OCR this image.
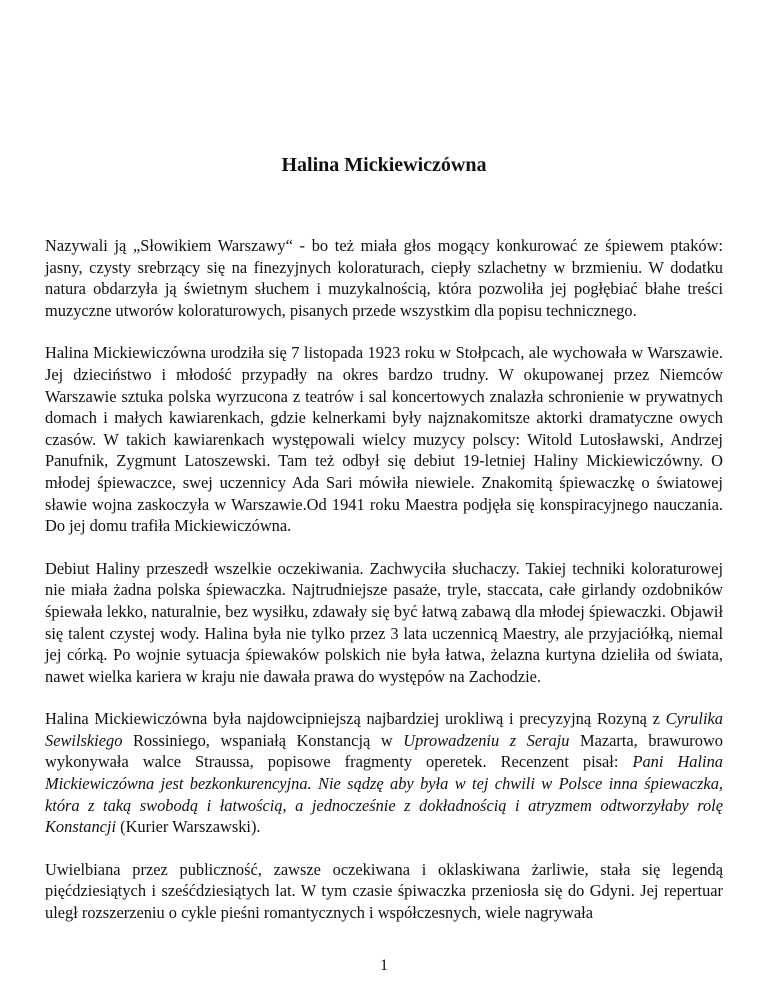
Halina Mickiewiczówna

Nazywali ją „Słowikiem Warszawy“ - bo też miała głos mogący konkurować ze śpiewem ptaków: jasny, czysty srebrzący się na finezyjnych koloraturach, ciepły szlachetny w brzmieniu. W dodatku natura obdarzyła ją świetnym słuchem i muzykalnością, która pozwoliła jej pogłębiać błahe treści muzyczne utworów koloraturowych, pisanych przede wszystkim dla popisu technicznego.

Halina Mickiewiczówna urodziła się 7 listopada 1923 roku w Stołpcach, ale wychowała w Warszawie. Jej dzieciństwo i młodość przypadły na okres bardzo trudny. W okupowanej przez Niemców Warszawie sztuka polska wyrzucona z teatrów i sal koncertowych znalazła schronienie w prywatnych domach i małych kawiarenkach, gdzie kelnerkami były najznakomitsze aktorki dramatyczne owych czasów. W takich kawiarenkach występowali wielcy muzycy polscy: Witold Lutosławski, Andrzej Panufnik, Zygmunt Latoszewski. Tam też odbył się debiut 19-letniej Haliny Mickiewiczówny. O młodej śpiewaczce, swej uczennicy Ada Sari mówiła niewiele. Znakomitą śpiewaczkę o światowej sławie wojna zaskoczyła w Warszawie.Od 1941 roku Maestra podjęła się konspiracyjnego nauczania. Do jej domu trafiła Mickiewiczówna.

Debiut Haliny przeszedł wszelkie oczekiwania. Zachwyciła słuchaczy. Takiej techniki koloraturowej nie miała żadna polska śpiewaczka. Najtrudniejsze pasaże, tryle, staccata, całe girlandy ozdobników śpiewała lekko, naturalnie, bez wysiłku, zdawały się być łatwą zabawą dla młodej śpiewaczki. Objawił się talent czystej wody. Halina była nie tylko przez 3 lata uczennicą Maestry, ale przyjaciółką, niemal jej córką. Po wojnie sytuacja śpiewaków polskich nie była łatwa, żelazna kurtyna dzieliła od świata, nawet wielka kariera w kraju nie dawała prawa do występów na Zachodzie.

Halina Mickiewiczówna była najdowcipniejszą najbardziej urokliwą i precyzyjną Rozyną z Cyrulika Sewilskiego Rossiniego, wspaniałą Konstancją w Uprowadzeniu z Seraju Mazarta, brawurowo wykonywała walce Straussa, popisowe fragmenty operetek. Recenzent pisał: Pani Halina Mickiewiczówna jest bezkonkurencyjna. Nie sądzę aby była w tej chwili w Polsce inna śpiewaczka, która z taką swobodą i łatwością, a jednocześnie z dokładnością i atryzmem odtworzyłaby rolę Konstancji (Kurier Warszawski).

Uwielbiana przez publiczność, zawsze oczekiwana i oklaskiwana żarliwie, stała się legendą pięćdziesiątych i sześćdziesiątych lat. W tym czasie śpiwaczka przeniosła się do Gdyni. Jej repertuar uległ rozszerzeniu o cykle pieśni romantycznych i współczesnych, wiele nagrywała

1
